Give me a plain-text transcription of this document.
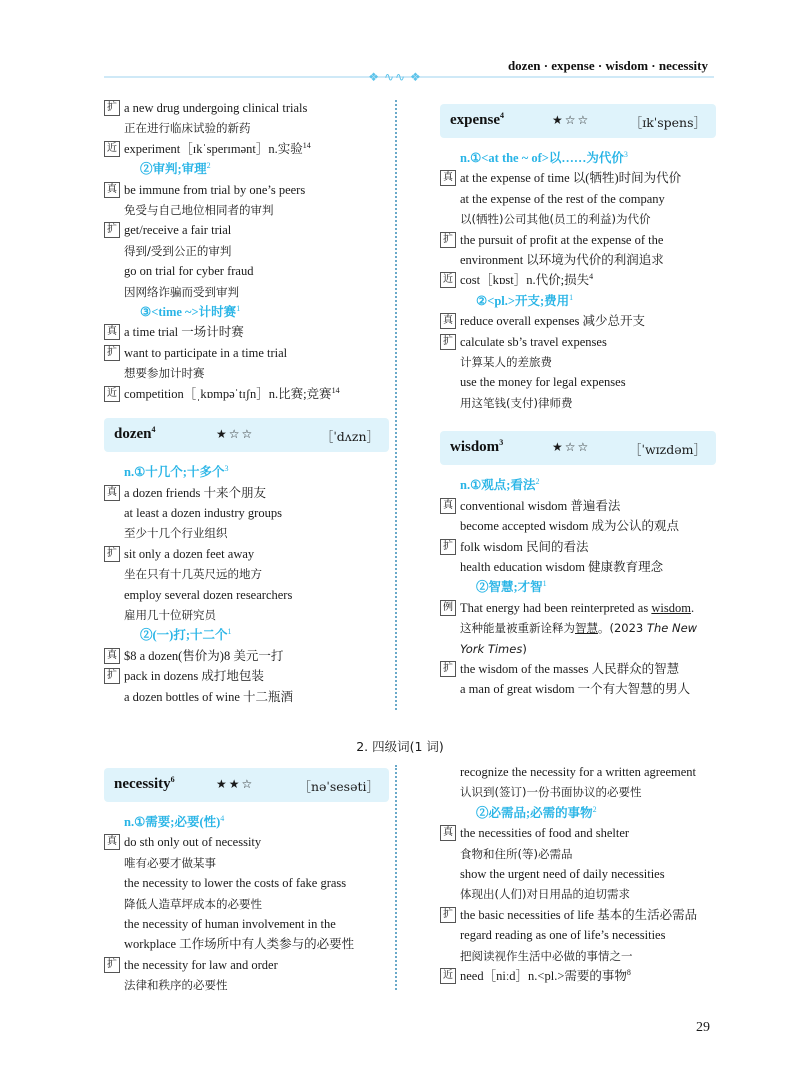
❖ ∿∿ ❖
dozen · expense · wisdom · necessity
扩 a new drug undergoing clinical trials
正在进行临床试验的新药
近 experiment［ɪkˈsperɪmənt］n.实验$^{14}$
②审判;审理$^2$
真 be immune from trial by one’s peers
免受与自己地位相同者的审判
扩 get/receive a fair trial
得到/受到公正的审判
go on trial for cyber fraud
因网络诈骗而受到审判
③<time ~>计时赛$^1$
真 a time trial 一场计时赛
扩 want to participate in a time trial
想要参加计时赛
近 competition［ˌkɒmpəˈtɪʃn］n.比赛;竞赛$^{14}$
dozen$^4$	★☆☆	［ˈdʌzn］
n.①十几个;十多个$^3$
真 a dozen friends 十来个朋友
at least a dozen industry groups
至少十几个行业组织
扩 sit only a dozen feet away
坐在只有十几英尺远的地方
employ several dozen researchers
雇用几十位研究员
②(一)打;十二个$^1$
真 $8 a dozen(售价为)8 美元一打
扩 pack in dozens 成打地包装
a dozen bottles of wine 十二瓶酒
expense$^4$	★☆☆	［ɪkˈspens］
n.①<at the ~ of>以……为代价$^3$
真 at the expense of time 以(牺牲)时间为代价
at the expense of the rest of the company
以(牺牲)公司其他(员工的利益)为代价
扩 the pursuit of profit at the expense of the
environment 以环境为代价的利润追求
近 cost［kɒst］n.代价;损失$^4$
②<pl.>开支;费用$^1$
真 reduce overall expenses 减少总开支
扩 calculate sb’s travel expenses
计算某人的差旅费
use the money for legal expenses
用这笔钱(支付)律师费
wisdom$^3$	★☆☆	［ˈwɪzdəm］
n.①观点;看法$^2$
真 conventional wisdom 普遍看法
become accepted wisdom 成为公认的观点
扩 folk wisdom 民间的看法
health education wisdom 健康教育理念
②智慧;才智$^1$
例 That energy had been reinterpreted as wisdom.
这种能量被重新诠释为智慧。(2023 The New York Times)
扩 the wisdom of the masses 人民群众的智慧
a man of great wisdom 一个有大智慧的男人
2. 四级词(1 词)
necessity$^6$	★★☆	［nəˈsesəti］
n.①需要;必要(性)$^4$
真 do sth only out of necessity
唯有必要才做某事
the necessity to lower the costs of fake grass
降低人造草坪成本的必要性
the necessity of human involvement in the
workplace 工作场所中有人类参与的必要性
扩 the necessity for law and order
法律和秩序的必要性
recognize the necessity for a written agreement
认识到(签订)一份书面协议的必要性
②必需品;必需的事物$^2$
真 the necessities of food and shelter
食物和住所(等)必需品
show the urgent need of daily necessities
体现出(人们)对日用品的迫切需求
扩 the basic necessities of life 基本的生活必需品
regard reading as one of life’s necessities
把阅读视作生活中必做的事情之一
近 need［niːd］n.<pl.>需要的事物$^8$
29
